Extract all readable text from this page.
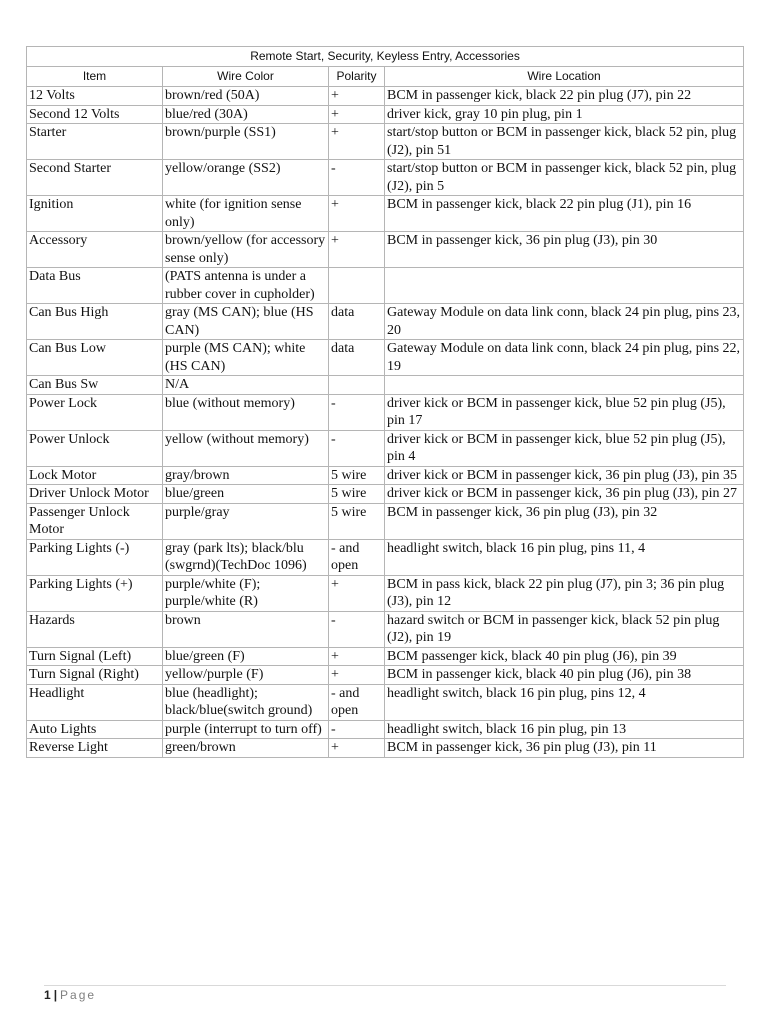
Remote Start, Security, Keyless Entry, Accessories			
Item	Wire Color	Polarity	Wire Location
12 Volts	brown/red (50A)	+	BCM in passenger kick, black 22 pin plug (J7), pin 22
Second 12 Volts	blue/red (30A)	+	driver kick, gray 10 pin plug, pin 1
Starter	brown/purple (SS1)	+	start/stop button or BCM in passenger kick, black 52 pin, plug (J2), pin 51
Second Starter	yellow/orange (SS2)	-	start/stop button or BCM in passenger kick, black 52 pin, plug (J2), pin 5
Ignition	white (for ignition sense only)	+	BCM in passenger kick, black 22 pin plug (J1), pin 16
Accessory	brown/yellow (for accessory sense only)	+	BCM in passenger kick, 36 pin plug (J3), pin 30
Data Bus	(PATS antenna is under a rubber cover in cupholder)		
Can Bus High	gray (MS CAN); blue (HS CAN)	data	Gateway Module on data link conn, black 24 pin plug, pins 23, 20
Can Bus Low	purple (MS CAN); white (HS CAN)	data	Gateway Module on data link conn, black 24 pin plug, pins 22, 19
Can Bus Sw	N/A		
Power Lock	blue (without memory)	-	driver kick or BCM in passenger kick, blue 52 pin plug (J5), pin 17
Power Unlock	yellow (without memory)	-	driver kick or BCM in passenger kick, blue 52 pin plug (J5), pin 4
Lock Motor	gray/brown	5 wire	driver kick or BCM in passenger kick, 36 pin plug (J3), pin 35
Driver Unlock Motor	blue/green	5 wire	driver kick or BCM in passenger kick, 36 pin plug (J3), pin 27
Passenger Unlock Motor	purple/gray	5 wire	BCM in passenger kick, 36 pin plug (J3), pin 32
Parking Lights (-)	gray (park lts); black/blu (swgrnd)(TechDoc 1096)	- and open	headlight switch, black 16 pin plug, pins 11, 4
Parking Lights (+)	purple/white (F); purple/white (R)	+	BCM in pass kick, black 22 pin plug (J7), pin 3; 36 pin plug (J3), pin 12
Hazards	brown	-	hazard switch or BCM in passenger kick, black 52 pin plug (J2), pin 19
Turn Signal (Left)	blue/green (F)	+	BCM passenger kick, black 40 pin plug (J6), pin 39
Turn Signal (Right)	yellow/purple (F)	+	BCM in passenger kick, black 40 pin plug (J6), pin 38
Headlight	blue (headlight); black/blue(switch ground)	- and open	headlight switch, black 16 pin plug, pins 12, 4
Auto Lights	purple (interrupt to turn off)	-	headlight switch, black 16 pin plug, pin 13
Reverse Light	green/brown	+	BCM in passenger kick, 36 pin plug (J3), pin 11
1 | Page
